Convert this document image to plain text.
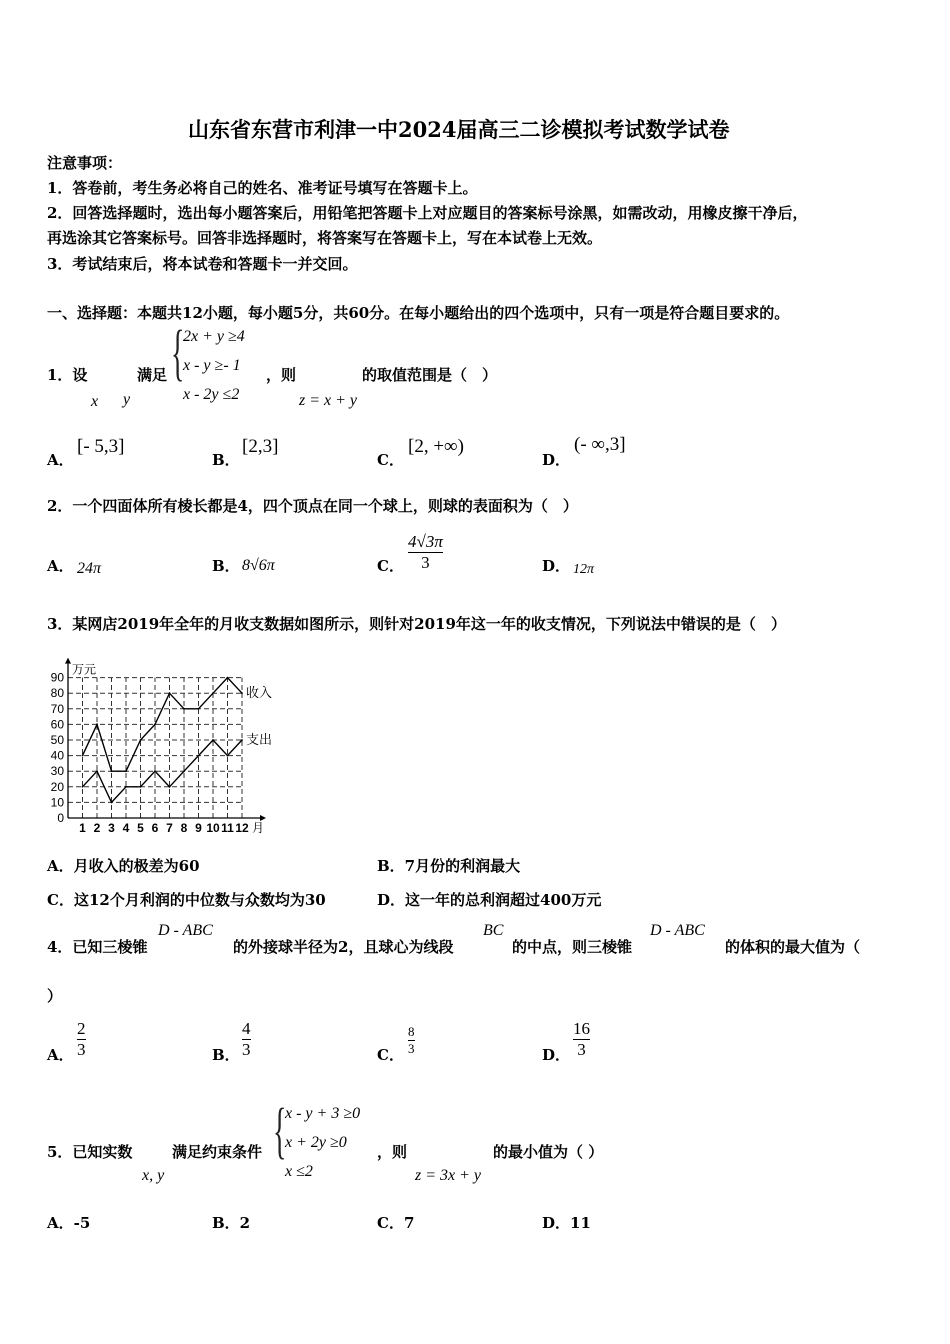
山东省东营市利津一中2024届高三二诊模拟考试数学试卷
注意事项：
1．答卷前，考生务必将自己的姓名、准考证号填写在答题卡上。
2．回答选择题时，选出每小题答案后，用铅笔把答题卡上对应题目的答案标号涂黑，如需改动，用橡皮擦干净后，
再选涂其它答案标号。回答非选择题时，将答案写在答题卡上，写在本试卷上无效。
3．考试结束后，将本试卷和答题卡一并交回。
一、选择题：本题共12小题，每小题5分，共60分。在每小题给出的四个选项中，只有一项是符合题目要求的。
1．设
x y
满足 {
2x + y ≥4
x - y ≥- 1
x - 2y ≤2
，则
z = x + y
的取值范围是（　）
A．
[- 5,3]
B．
[2,3]
C．
[2, +∞)
D．
(- ∞,3]
2．一个四面体所有棱长都是4，四个顶点在同一个球上，则球的表面积为（　）
A． 24π	B． 8√6π	C．
4√3π
3	D． 12π
3．某网店2019年全年的月收支数据如图所示，则针对2019年这一年的收支情况，下列说法中错误的是（　）
0
10
20
30
40
50
60
70
80
90
1 2 3 4 5 6 7 8 9 10 11 12
万元
月
收入
支出
A．月收入的极差为60	B．7月份的利润最大
C．这12个月利润的中位数与众数均为30	D．这一年的总利润超过400万元
4．已知三棱锥
D - ABC
的外接球半径为2，且球心为线段
BC
的中点，则三棱锥
D - ABC
的体积的最大值为（
）
A．
2
3	B．
4
3	C．
8
3	D．
16
3
5．已知实数
x, y
满足约束条件 {
x - y + 3 ≥0
x + 2y ≥0
x ≤2
，则
z = 3x + y
的最小值为（ ）
A．-5	B．2	C．7	D．11
